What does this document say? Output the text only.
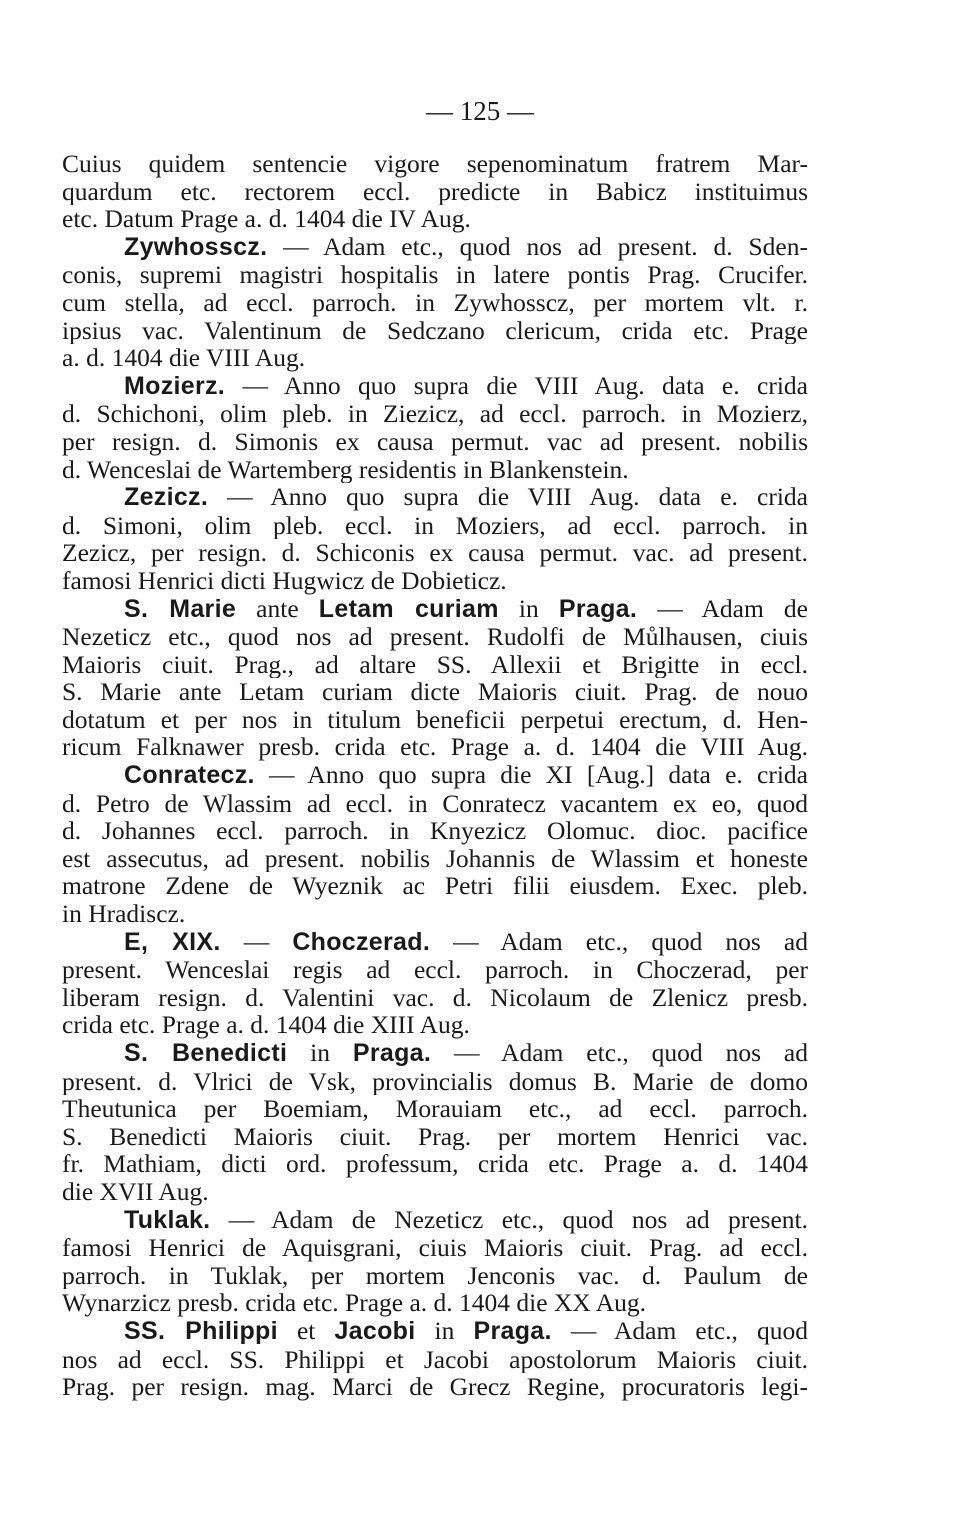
— 125 —
Cuius quidem sentencie vigore sepenominatum fratrem Mar-
quardum etc. rectorem eccl. predicte in Babicz instituimus
etc. Datum Prage a. d. 1404 die IV Aug.
Zywhosscz. — Adam etc., quod nos ad present. d. Sden-
conis, supremi magistri hospitalis in latere pontis Prag. Crucifer.
cum stella, ad eccl. parroch. in Zywhosscz, per mortem vlt. r.
ipsius vac. Valentinum de Sedczano clericum, crida etc. Prage
a. d. 1404 die VIII Aug.
Mozierz. — Anno quo supra die VIII Aug. data e. crida
d. Schichoni, olim pleb. in Ziezicz, ad eccl. parroch. in Mozierz,
per resign. d. Simonis ex causa permut. vac ad present. nobilis
d. Wenceslai de Wartemberg residentis in Blankenstein.
Zezicz. — Anno quo supra die VIII Aug. data e. crida
d. Simoni, olim pleb. eccl. in Moziers, ad eccl. parroch. in
Zezicz, per resign. d. Schiconis ex causa permut. vac. ad present.
famosi Henrici dicti Hugwicz de Dobieticz.
S. Marie ante Letam curiam in Praga. — Adam de
Nezeticz etc., quod nos ad present. Rudolfi de Můlhausen, ciuis
Maioris ciuit. Prag., ad altare SS. Allexii et Brigitte in eccl.
S. Marie ante Letam curiam dicte Maioris ciuit. Prag. de nouo
dotatum et per nos in titulum beneficii perpetui erectum, d. Hen-
ricum Falknawer presb. crida etc. Prage a. d. 1404 die VIII Aug.
Conratecz. — Anno quo supra die XI [Aug.] data e. crida
d. Petro de Wlassim ad eccl. in Conratecz vacantem ex eo, quod
d. Johannes eccl. parroch. in Knyezicz Olomuc. dioc. pacifice
est assecutus, ad present. nobilis Johannis de Wlassim et honeste
matrone Zdene de Wyeznik ac Petri filii eiusdem. Exec. pleb.
in Hradiscz.
E, XIX. — Choczerad. — Adam etc., quod nos ad
present. Wenceslai regis ad eccl. parroch. in Choczerad, per
liberam resign. d. Valentini vac. d. Nicolaum de Zlenicz presb.
crida etc. Prage a. d. 1404 die XIII Aug.
S. Benedicti in Praga. — Adam etc., quod nos ad
present. d. Vlrici de Vsk, provincialis domus B. Marie de domo
Theutunica per Boemiam, Morauiam etc., ad eccl. parroch.
S. Benedicti Maioris ciuit. Prag. per mortem Henrici vac.
fr. Mathiam, dicti ord. professum, crida etc. Prage a. d. 1404
die XVII Aug.
Tuklak. — Adam de Nezeticz etc., quod nos ad present.
famosi Henrici de Aquisgrani, ciuis Maioris ciuit. Prag. ad eccl.
parroch. in Tuklak, per mortem Jenconis vac. d. Paulum de
Wynarzicz presb. crida etc. Prage a. d. 1404 die XX Aug.
SS. Philippi et Jacobi in Praga. — Adam etc., quod
nos ad eccl. SS. Philippi et Jacobi apostolorum Maioris ciuit.
Prag. per resign. mag. Marci de Grecz Regine, procuratoris legi-
